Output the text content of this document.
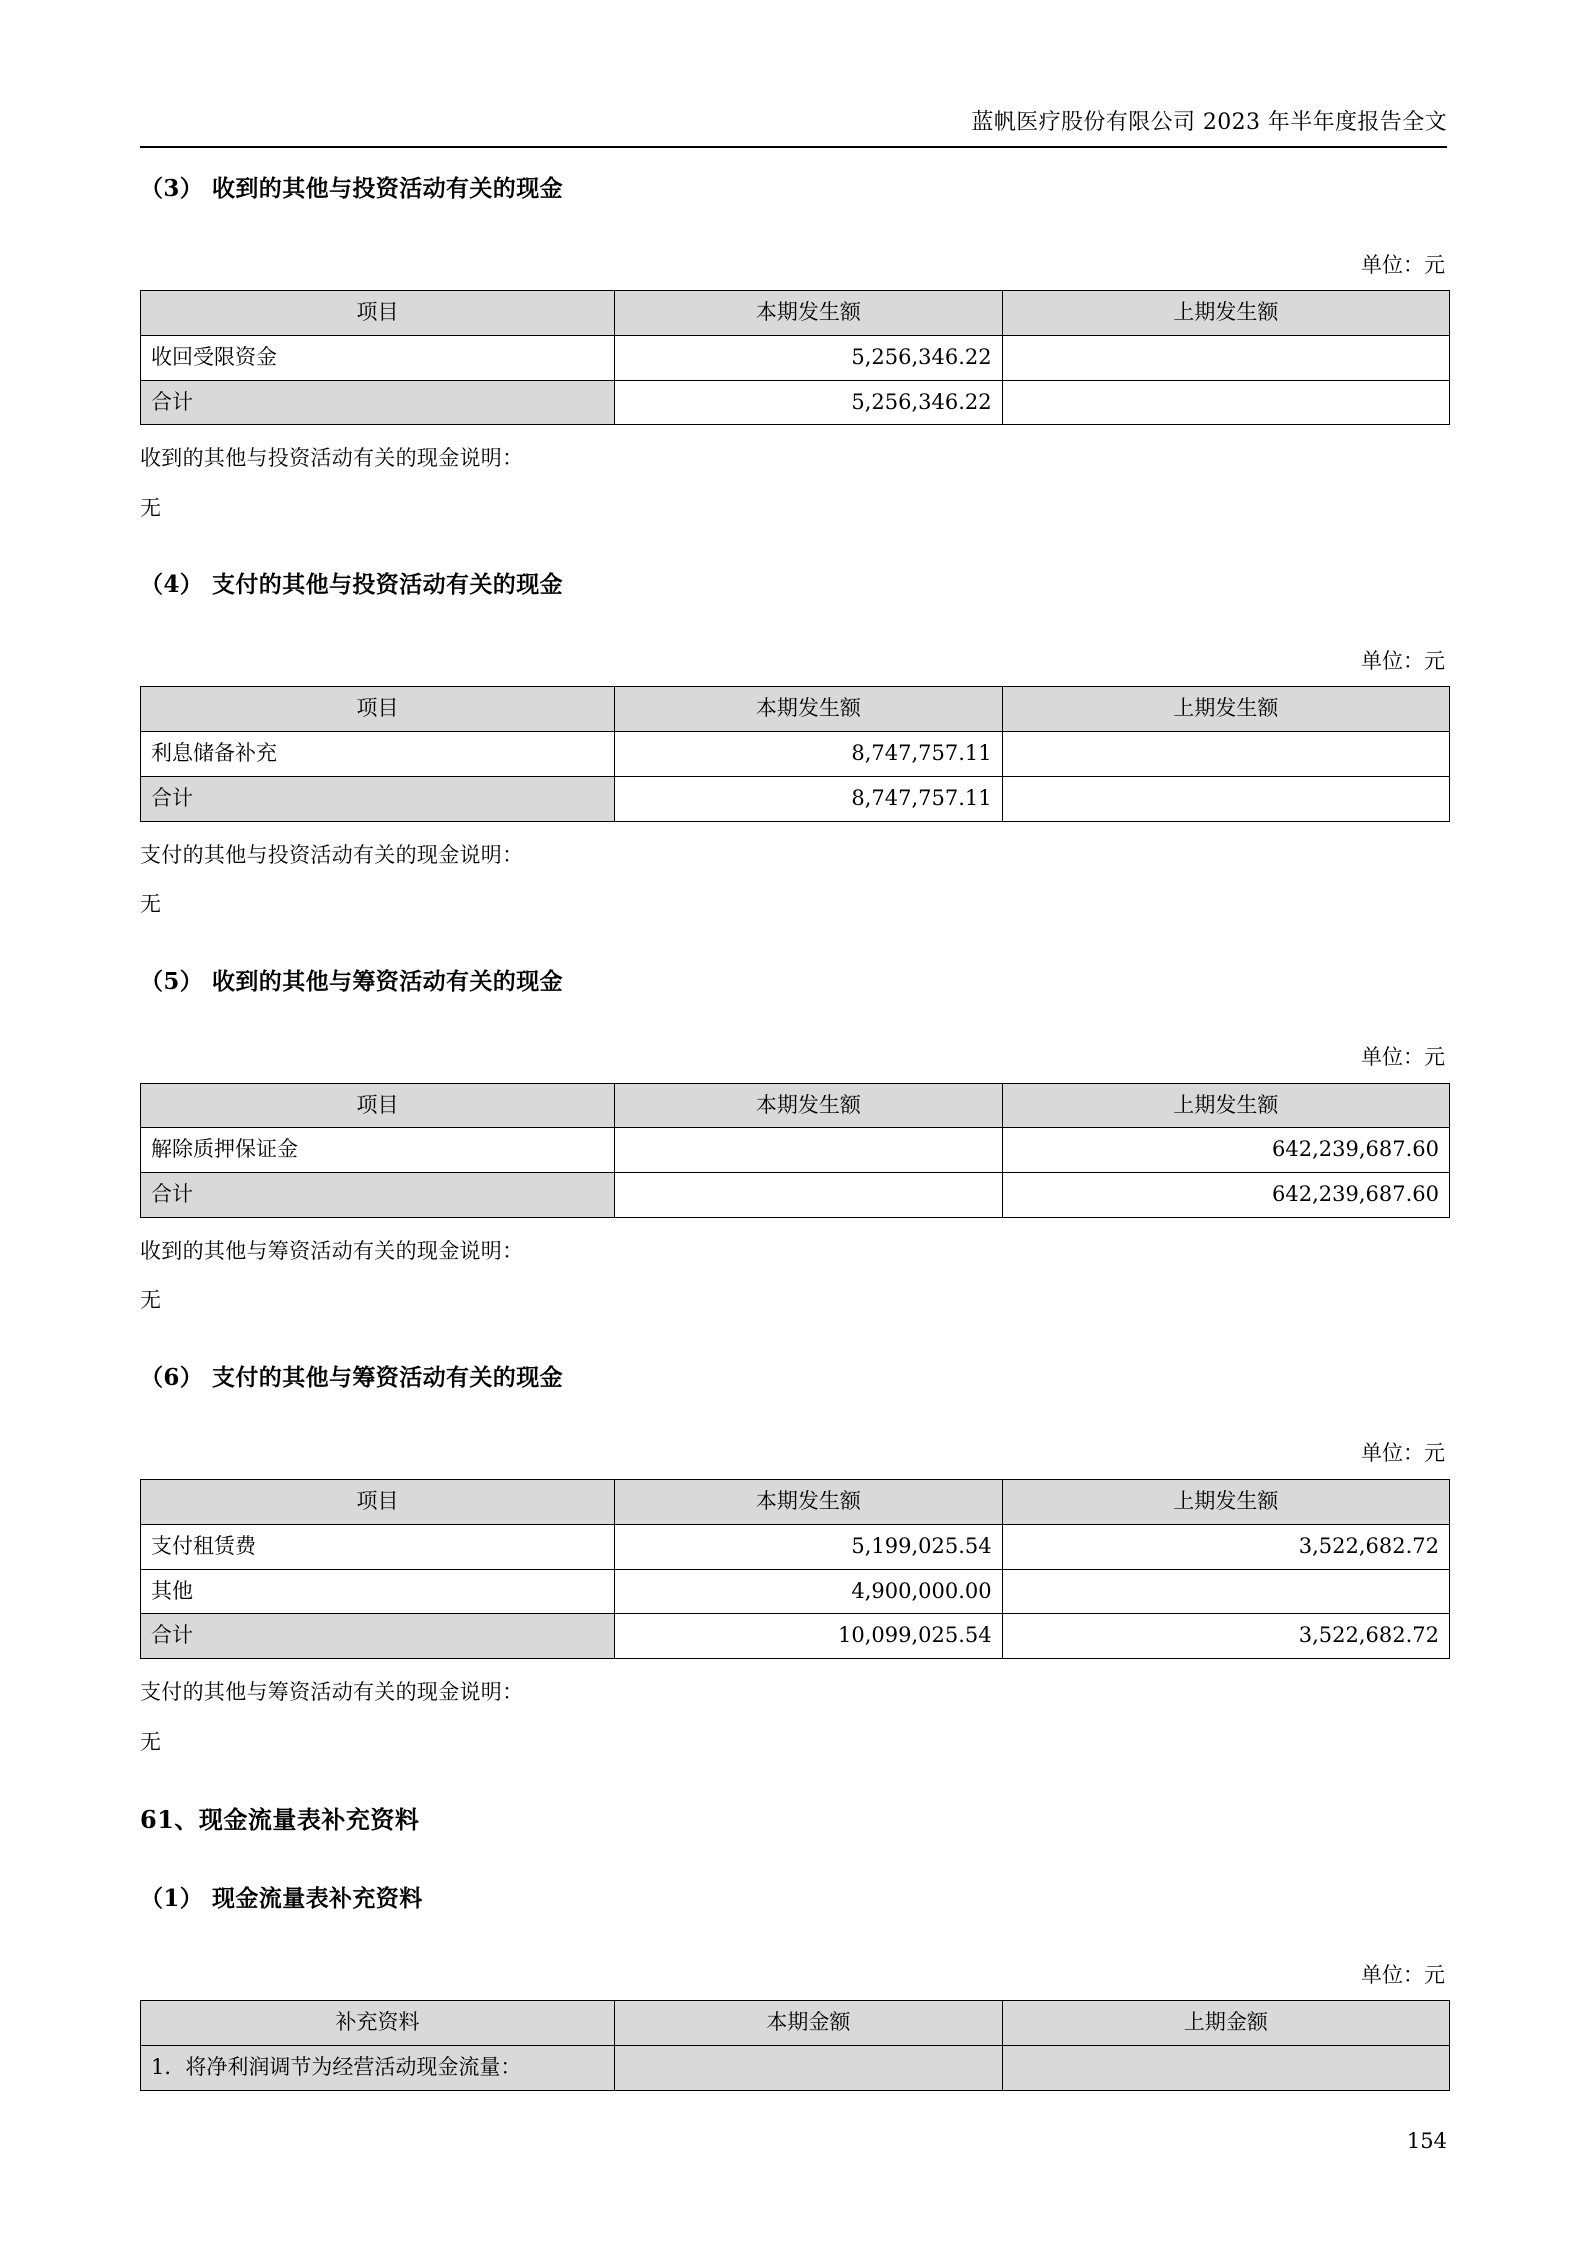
蓝帆医疗股份有限公司 2023 年半年度报告全文
（3） 收到的其他与投资活动有关的现金
单位：元
项目	本期发生额	上期发生额
收回受限资金	5,256,346.22	
合计	5,256,346.22	

收到的其他与投资活动有关的现金说明：

无

（4） 支付的其他与投资活动有关的现金
单位：元
项目	本期发生额	上期发生额
利息储备补充	8,747,757.11	
合计	8,747,757.11	

支付的其他与投资活动有关的现金说明：

无

（5） 收到的其他与筹资活动有关的现金
单位：元
项目	本期发生额	上期发生额
解除质押保证金		642,239,687.60
合计		642,239,687.60

收到的其他与筹资活动有关的现金说明：

无

（6） 支付的其他与筹资活动有关的现金
单位：元
项目	本期发生额	上期发生额
支付租赁费	5,199,025.54	3,522,682.72
其他	4,900,000.00	
合计	10,099,025.54	3,522,682.72

支付的其他与筹资活动有关的现金说明：

无

61、现金流量表补充资料
（1） 现金流量表补充资料
单位：元
补充资料	本期金额	上期金额
1．将净利润调节为经营活动现金流量：		
154
